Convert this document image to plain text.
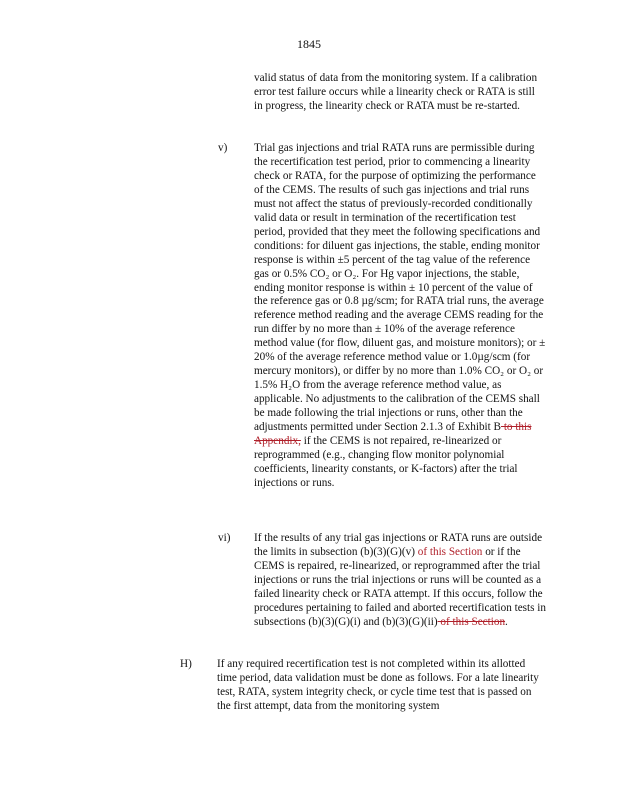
1845

valid status of data from the monitoring system. If a calibration error test failure occurs while a linearity check or RATA is still in progress, the linearity check or RATA must be re-started.

v) Trial gas injections and trial RATA runs are permissible during the recertification test period, prior to commencing a linearity check or RATA, for the purpose of optimizing the performance of the CEMS. The results of such gas injections and trial runs must not affect the status of previously-recorded conditionally valid data or result in termination of the recertification test period, provided that they meet the following specifications and conditions: for diluent gas injections, the stable, ending monitor response is within ±5 percent of the tag value of the reference gas or 0.5% CO₂ or O₂. For Hg vapor injections, the stable, ending monitor response is within ± 10 percent of the value of the reference gas or 0.8 µg/scm; for RATA trial runs, the average reference method reading and the average CEMS reading for the run differ by no more than ± 10% of the average reference method value (for flow, diluent gas, and moisture monitors); or ± 20% of the average reference method value or 1.0µg/scm (for mercury monitors), or differ by no more than 1.0% CO₂ or O₂ or 1.5% H₂O from the average reference method value, as applicable. No adjustments to the calibration of the CEMS shall be made following the trial injections or runs, other than the adjustments permitted under Section 2.1.3 of Exhibit B to this Appendix, if the CEMS is not repaired, re-linearized or reprogrammed (e.g., changing flow monitor polynomial coefficients, linearity constants, or K-factors) after the trial injections or runs.

vi) If the results of any trial gas injections or RATA runs are outside the limits in subsection (b)(3)(G)(v) of this Section or if the CEMS is repaired, re-linearized, or reprogrammed after the trial injections or runs the trial injections or runs will be counted as a failed linearity check or RATA attempt. If this occurs, follow the procedures pertaining to failed and aborted recertification tests in subsections (b)(3)(G)(i) and (b)(3)(G)(ii) of this Section.

H) If any required recertification test is not completed within its allotted time period, data validation must be done as follows. For a late linearity test, RATA, system integrity check, or cycle time test that is passed on the first attempt, data from the monitoring system
